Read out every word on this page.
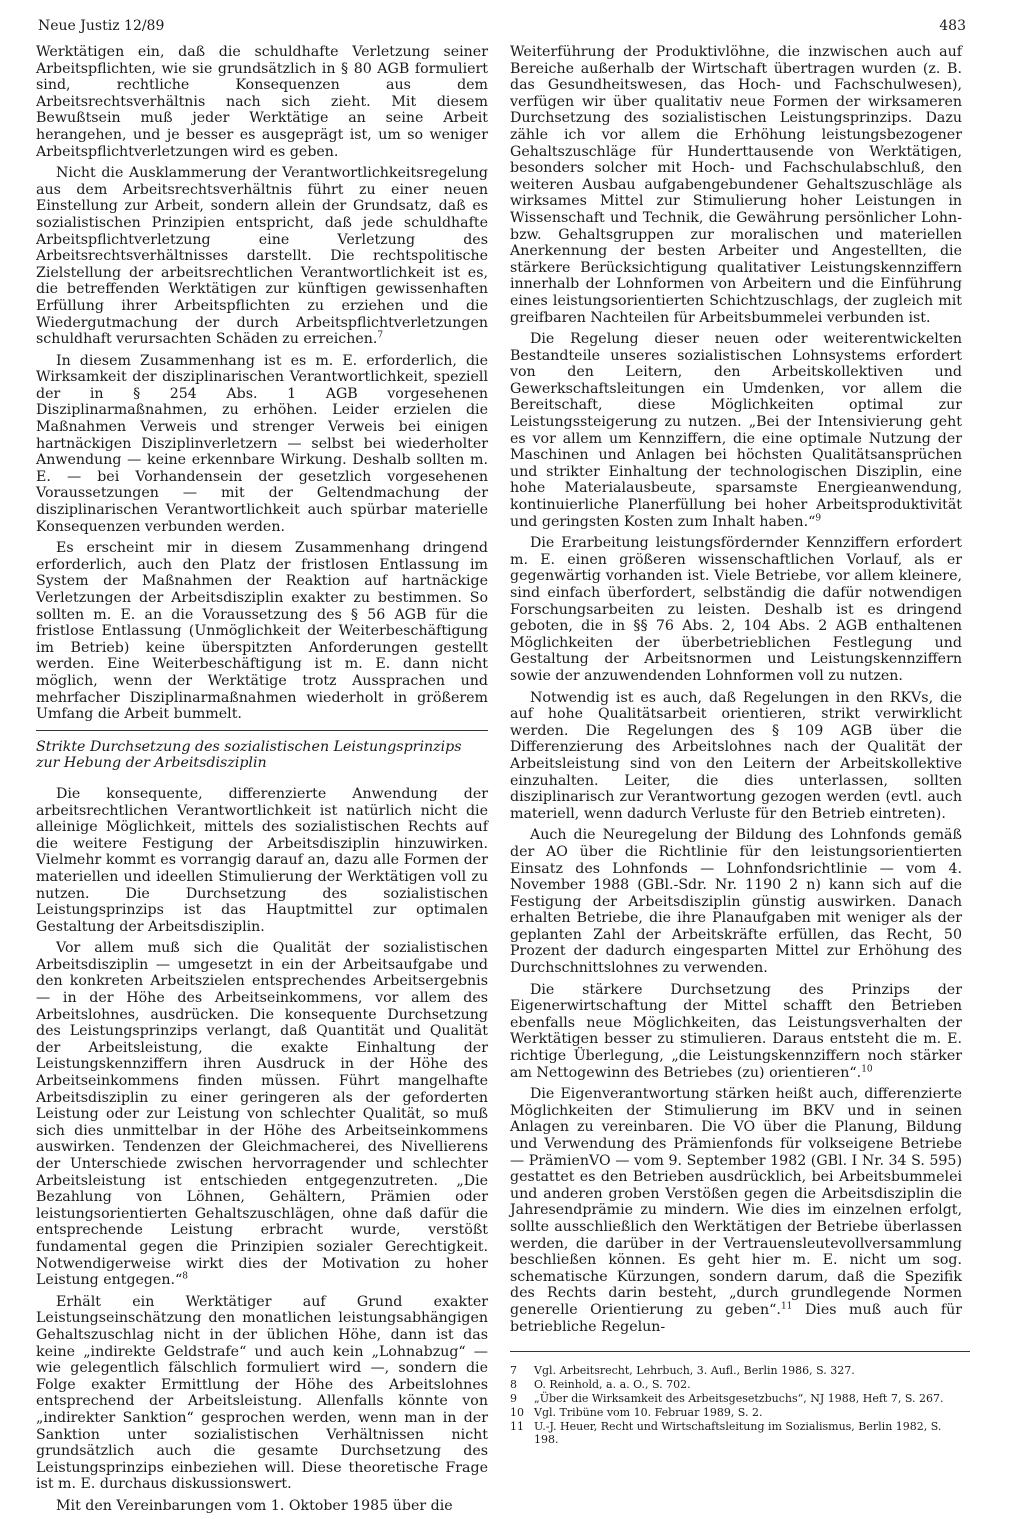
Neue Justiz 12/89	483

Werktätigen ein, daß die schuldhafte Verletzung seiner Arbeitspflichten, wie sie grundsätzlich in § 80 AGB formuliert sind, rechtliche Konsequenzen aus dem Arbeitsrechtsverhältnis nach sich zieht. Mit diesem Bewußtsein muß jeder Werktätige an seine Arbeit herangehen, und je besser es ausgeprägt ist, um so weniger Arbeitspflichtverletzungen wird es geben.

Nicht die Ausklammerung der Verantwortlichkeitsregelung aus dem Arbeitsrechtsverhältnis führt zu einer neuen Einstellung zur Arbeit, sondern allein der Grundsatz, daß es sozialistischen Prinzipien entspricht, daß jede schuldhafte Arbeitspflichtverletzung eine Verletzung des Arbeitsrechtsverhältnisses darstellt. Die rechtspolitische Zielstellung der arbeitsrechtlichen Verantwortlichkeit ist es, die betreffenden Werktätigen zur künftigen gewissenhaften Erfüllung ihrer Arbeitspflichten zu erziehen und die Wiedergutmachung der durch Arbeitspflichtverletzungen schuldhaft verursachten Schäden zu erreichen.$^7$

In diesem Zusammenhang ist es m. E. erforderlich, die Wirksamkeit der disziplinarischen Verantwortlichkeit, speziell der in § 254 Abs. 1 AGB vorgesehenen Disziplinarmaßnahmen, zu erhöhen. Leider erzielen die Maßnahmen Verweis und strenger Verweis bei einigen hartnäckigen Disziplinverletzern — selbst bei wiederholter Anwendung — keine erkennbare Wirkung. Deshalb sollten m. E. — bei Vorhandensein der gesetzlich vorgesehenen Voraussetzungen — mit der Geltendmachung der disziplinarischen Verantwortlichkeit auch spürbar materielle Konsequenzen verbunden werden.

Es erscheint mir in diesem Zusammenhang dringend erforderlich, auch den Platz der fristlosen Entlassung im System der Maßnahmen der Reaktion auf hartnäckige Verletzungen der Arbeitsdisziplin exakter zu bestimmen. So sollten m. E. an die Voraussetzung des § 56 AGB für die fristlose Entlassung (Unmöglichkeit der Weiterbeschäftigung im Betrieb) keine überspitzten Anforderungen gestellt werden. Eine Weiterbeschäftigung ist m. E. dann nicht möglich, wenn der Werktätige trotz Aussprachen und mehrfacher Disziplinarmaßnahmen wiederholt in größerem Umfang die Arbeit bummelt.

Strikte Durchsetzung des sozialistischen Leistungsprinzips
zur Hebung der Arbeitsdisziplin

Die konsequente, differenzierte Anwendung der arbeitsrechtlichen Verantwortlichkeit ist natürlich nicht die alleinige Möglichkeit, mittels des sozialistischen Rechts auf die weitere Festigung der Arbeitsdisziplin hinzuwirken. Vielmehr kommt es vorrangig darauf an, dazu alle Formen der materiellen und ideellen Stimulierung der Werktätigen voll zu nutzen. Die Durchsetzung des sozialistischen Leistungsprinzips ist das Hauptmittel zur optimalen Gestaltung der Arbeitsdisziplin.

Vor allem muß sich die Qualität der sozialistischen Arbeitsdisziplin — umgesetzt in ein der Arbeitsaufgabe und den konkreten Arbeitszielen entsprechendes Arbeitsergebnis — in der Höhe des Arbeitseinkommens, vor allem des Arbeitslohnes, ausdrücken. Die konsequente Durchsetzung des Leistungsprinzips verlangt, daß Quantität und Qualität der Arbeitsleistung, die exakte Einhaltung der Leistungskennziffern ihren Ausdruck in der Höhe des Arbeitseinkommens finden müssen. Führt mangelhafte Arbeitsdisziplin zu einer geringeren als der geforderten Leistung oder zur Leistung von schlechter Qualität, so muß sich dies unmittelbar in der Höhe des Arbeitseinkommens auswirken. Tendenzen der Gleichmacherei, des Nivellierens der Unterschiede zwischen hervorragender und schlechter Arbeitsleistung ist entschieden entgegenzutreten. „Die Bezahlung von Löhnen, Gehältern, Prämien oder leistungsorientierten Gehaltszuschlägen, ohne daß dafür die entsprechende Leistung erbracht wurde, verstößt fundamental gegen die Prinzipien sozialer Gerechtigkeit. Notwendigerweise wirkt dies der Motivation zu hoher Leistung entgegen.“$^8$

Erhält ein Werktätiger auf Grund exakter Leistungseinschätzung den monatlichen leistungsabhängigen Gehaltszuschlag nicht in der üblichen Höhe, dann ist das keine „indirekte Geldstrafe“ und auch kein „Lohnabzug“ — wie gelegentlich fälschlich formuliert wird —, sondern die Folge exakter Ermittlung der Höhe des Arbeitslohnes entsprechend der Arbeitsleistung. Allenfalls könnte von „indirekter Sanktion“ gesprochen werden, wenn man in der Sanktion unter sozialistischen Verhältnissen nicht grundsätzlich auch die gesamte Durchsetzung des Leistungsprinzips einbeziehen will. Diese theoretische Frage ist m. E. durchaus diskussionswert.

Mit den Vereinbarungen vom 1. Oktober 1985 über die

Weiterführung der Produktivlöhne, die inzwischen auch auf Bereiche außerhalb der Wirtschaft übertragen wurden (z. B. das Gesundheitswesen, das Hoch- und Fachschulwesen), verfügen wir über qualitativ neue Formen der wirksameren Durchsetzung des sozialistischen Leistungsprinzips. Dazu zähle ich vor allem die Erhöhung leistungsbezogener Gehaltszuschläge für Hunderttausende von Werktätigen, besonders solcher mit Hoch- und Fachschulabschluß, den weiteren Ausbau aufgabengebundener Gehaltszuschläge als wirksames Mittel zur Stimulierung hoher Leistungen in Wissenschaft und Technik, die Gewährung persönlicher Lohn- bzw. Gehaltsgruppen zur moralischen und materiellen Anerkennung der besten Arbeiter und Angestellten, die stärkere Berücksichtigung qualitativer Leistungskennziffern innerhalb der Lohnformen von Arbeitern und die Einführung eines leistungsorientierten Schichtzuschlags, der zugleich mit greifbaren Nachteilen für Arbeitsbummelei verbunden ist.

Die Regelung dieser neuen oder weiterentwickelten Bestandteile unseres sozialistischen Lohnsystems erfordert von den Leitern, den Arbeitskollektiven und Gewerkschaftsleitungen ein Umdenken, vor allem die Bereitschaft, diese Möglichkeiten optimal zur Leistungssteigerung zu nutzen. „Bei der Intensivierung geht es vor allem um Kennziffern, die eine optimale Nutzung der Maschinen und Anlagen bei höchsten Qualitätsansprüchen und strikter Einhaltung der technologischen Disziplin, eine hohe Materialausbeute, sparsamste Energieanwendung, kontinuierliche Planerfüllung bei hoher Arbeitsproduktivität und geringsten Kosten zum Inhalt haben.“$^9$

Die Erarbeitung leistungsfördernder Kennziffern erfordert m. E. einen größeren wissenschaftlichen Vorlauf, als er gegenwärtig vorhanden ist. Viele Betriebe, vor allem kleinere, sind einfach überfordert, selbständig die dafür notwendigen Forschungsarbeiten zu leisten. Deshalb ist es dringend geboten, die in §§ 76 Abs. 2, 104 Abs. 2 AGB enthaltenen Möglichkeiten der überbetrieblichen Festlegung und Gestaltung der Arbeitsnormen und Leistungskennziffern sowie der anzuwendenden Lohnformen voll zu nutzen.

Notwendig ist es auch, daß Regelungen in den RKVs, die auf hohe Qualitätsarbeit orientieren, strikt verwirklicht werden. Die Regelungen des § 109 AGB über die Differenzierung des Arbeitslohnes nach der Qualität der Arbeitsleistung sind von den Leitern der Arbeitskollektive einzuhalten. Leiter, die dies unterlassen, sollten disziplinarisch zur Verantwortung gezogen werden (evtl. auch materiell, wenn dadurch Verluste für den Betrieb eintreten).

Auch die Neuregelung der Bildung des Lohnfonds gemäß der AO über die Richtlinie für den leistungsorientierten Einsatz des Lohnfonds — Lohnfondsrichtlinie — vom 4. November 1988 (GBl.-Sdr. Nr. 1190 2 n) kann sich auf die Festigung der Arbeitsdisziplin günstig auswirken. Danach erhalten Betriebe, die ihre Planaufgaben mit weniger als der geplanten Zahl der Arbeitskräfte erfüllen, das Recht, 50 Prozent der dadurch eingesparten Mittel zur Erhöhung des Durchschnittslohnes zu verwenden.

Die stärkere Durchsetzung des Prinzips der Eigenerwirtschaftung der Mittel schafft den Betrieben ebenfalls neue Möglichkeiten, das Leistungsverhalten der Werktätigen besser zu stimulieren. Daraus entsteht die m. E. richtige Überlegung, „die Leistungskennziffern noch stärker am Nettogewinn des Betriebes (zu) orientieren“.$^{10}$

Die Eigenverantwortung stärken heißt auch, differenzierte Möglichkeiten der Stimulierung im BKV und in seinen Anlagen zu vereinbaren. Die VO über die Planung, Bildung und Verwendung des Prämienfonds für volkseigene Betriebe — PrämienVO — vom 9. September 1982 (GBl. I Nr. 34 S. 595) gestattet es den Betrieben ausdrücklich, bei Arbeitsbummelei und anderen groben Verstößen gegen die Arbeitsdisziplin die Jahresendprämie zu mindern. Wie dies im einzelnen erfolgt, sollte ausschließlich den Werktätigen der Betriebe überlassen werden, die darüber in der Vertrauensleutevollversammlung beschließen können. Es geht hier m. E. nicht um sog. schematische Kürzungen, sondern darum, daß die Spezifik des Rechts darin besteht, „durch grundlegende Normen generelle Orientierung zu geben“.$^{11}$ Dies muß auch für betriebliche Regelun-

7	Vgl. Arbeitsrecht, Lehrbuch, 3. Aufl., Berlin 1986, S. 327.
8	O. Reinhold, a. a. O., S. 702.
9	„Über die Wirksamkeit des Arbeitsgesetzbuchs“, NJ 1988, Heft 7, S. 267.
10 Vgl. Tribüne vom 10. Februar 1989, S. 2.
11 U.-J. Heuer, Recht und Wirtschaftsleitung im Sozialismus, Berlin 1982, S. 198.
